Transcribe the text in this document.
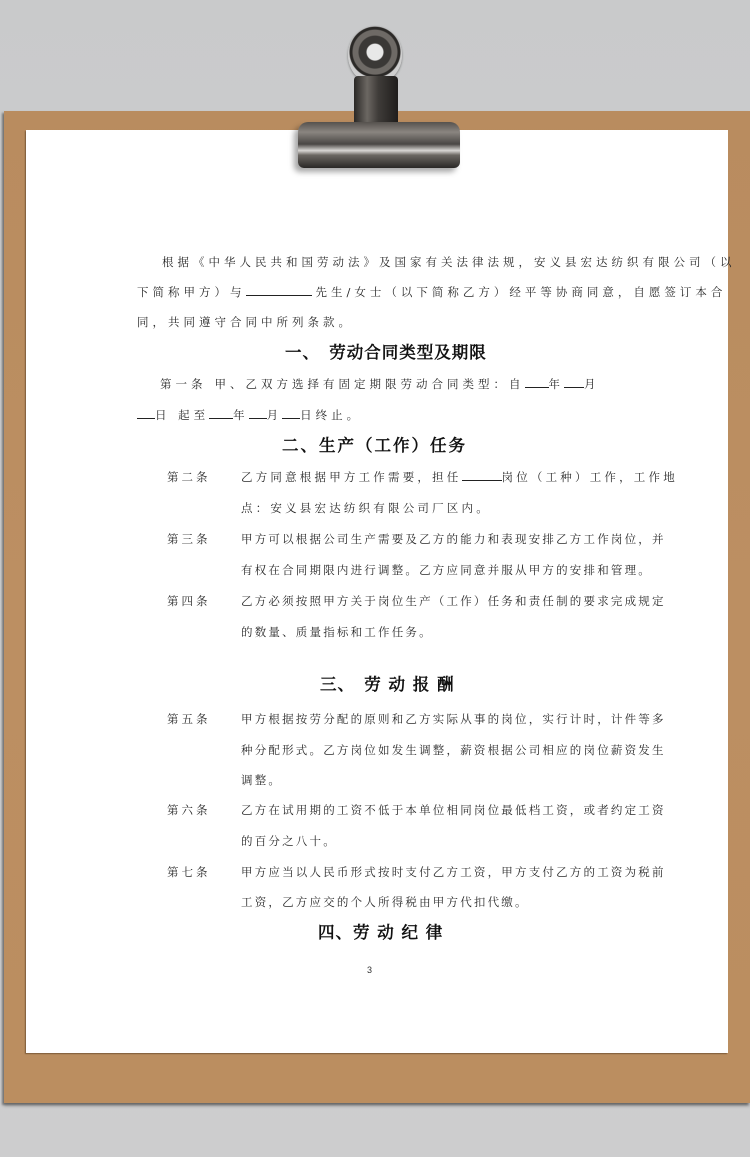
根据《中华人民共和国劳动法》及国家有关法律法规，安义县宏达纺织有限公司（以
下简称甲方）与	先生/女士（以下简称乙方）经平等协商同意，自愿签订本合
同，共同遵守合同中所列条款。
一、　劳动合同类型及期限
第一条 甲、乙双方选择有固定期限劳动合同类型：自 年 月
日 起至 年 月 日终止。
二、生产（工作）任务
第二条	乙方同意根据甲方工作需要，担任	岗位（工种）工作，工作地
点：安义县宏达纺织有限公司厂区内。
第三条	甲方可以根据公司生产需要及乙方的能力和表现安排乙方工作岗位，并
有权在合同期限内进行调整。乙方应同意并服从甲方的安排和管理。
第四条	乙方必须按照甲方关于岗位生产（工作）任务和责任制的要求完成规定
的数量、质量指标和工作任务。
三、　劳 动 报 酬
第五条	甲方根据按劳分配的原则和乙方实际从事的岗位，实行计时，计件等多
种分配形式。乙方岗位如发生调整，薪资根据公司相应的岗位薪资发生
调整。
第六条	乙方在试用期的工资不低于本单位相同岗位最低档工资，或者约定工资
的百分之八十。
第七条	甲方应当以人民币形式按时支付乙方工资，甲方支付乙方的工资为税前
工资，乙方应交的个人所得税由甲方代扣代缴。
四、劳 动 纪 律
3
